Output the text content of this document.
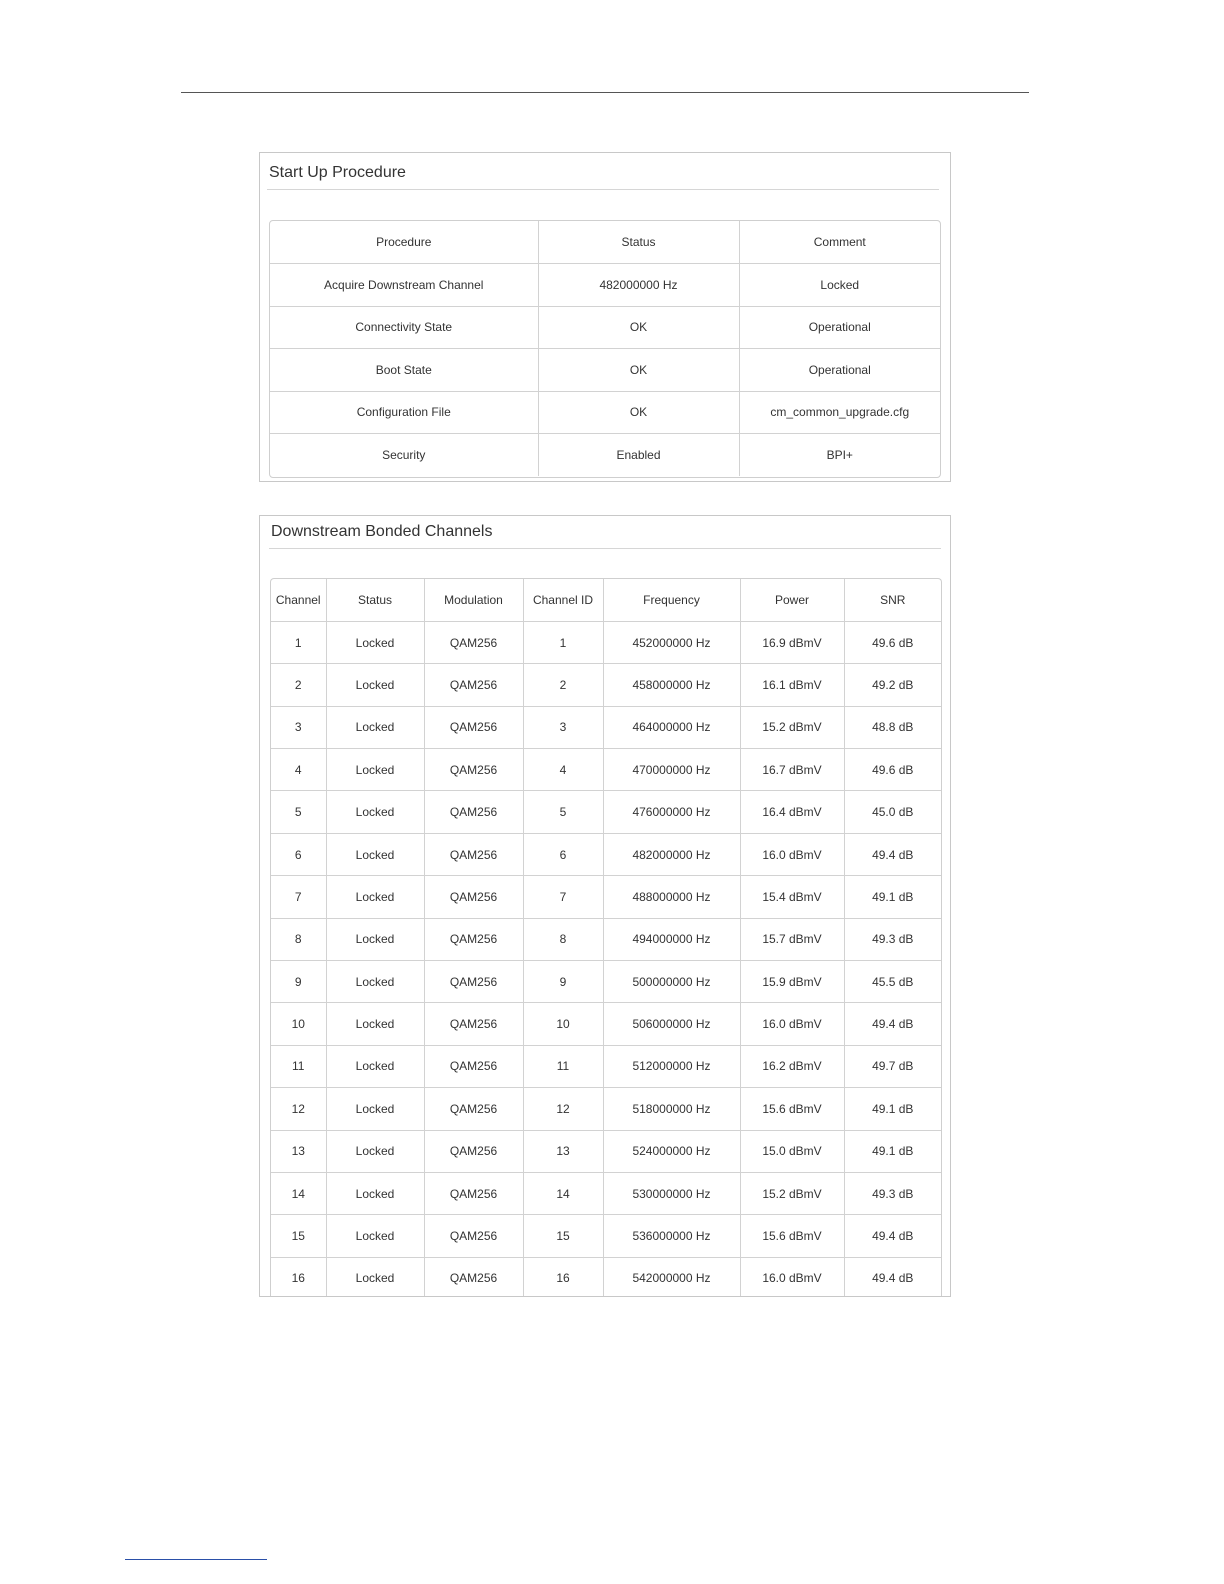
Start Up Procedure
Procedure	Status	Comment
Acquire Downstream Channel	482000000 Hz	Locked
Connectivity State	OK	Operational
Boot State	OK	Operational
Configuration File	OK	cm_common_upgrade.cfg
Security	Enabled	BPI+
Downstream Bonded Channels
Channel	Status	Modulation	Channel ID	Frequency	Power	SNR
1	Locked	QAM256	1	452000000 Hz	16.9 dBmV	49.6 dB
2	Locked	QAM256	2	458000000 Hz	16.1 dBmV	49.2 dB
3	Locked	QAM256	3	464000000 Hz	15.2 dBmV	48.8 dB
4	Locked	QAM256	4	470000000 Hz	16.7 dBmV	49.6 dB
5	Locked	QAM256	5	476000000 Hz	16.4 dBmV	45.0 dB
6	Locked	QAM256	6	482000000 Hz	16.0 dBmV	49.4 dB
7	Locked	QAM256	7	488000000 Hz	15.4 dBmV	49.1 dB
8	Locked	QAM256	8	494000000 Hz	15.7 dBmV	49.3 dB
9	Locked	QAM256	9	500000000 Hz	15.9 dBmV	45.5 dB
10	Locked	QAM256	10	506000000 Hz	16.0 dBmV	49.4 dB
11	Locked	QAM256	11	512000000 Hz	16.2 dBmV	49.7 dB
12	Locked	QAM256	12	518000000 Hz	15.6 dBmV	49.1 dB
13	Locked	QAM256	13	524000000 Hz	15.0 dBmV	49.1 dB
14	Locked	QAM256	14	530000000 Hz	15.2 dBmV	49.3 dB
15	Locked	QAM256	15	536000000 Hz	15.6 dBmV	49.4 dB
16	Locked	QAM256	16	542000000 Hz	16.0 dBmV	49.4 dB
